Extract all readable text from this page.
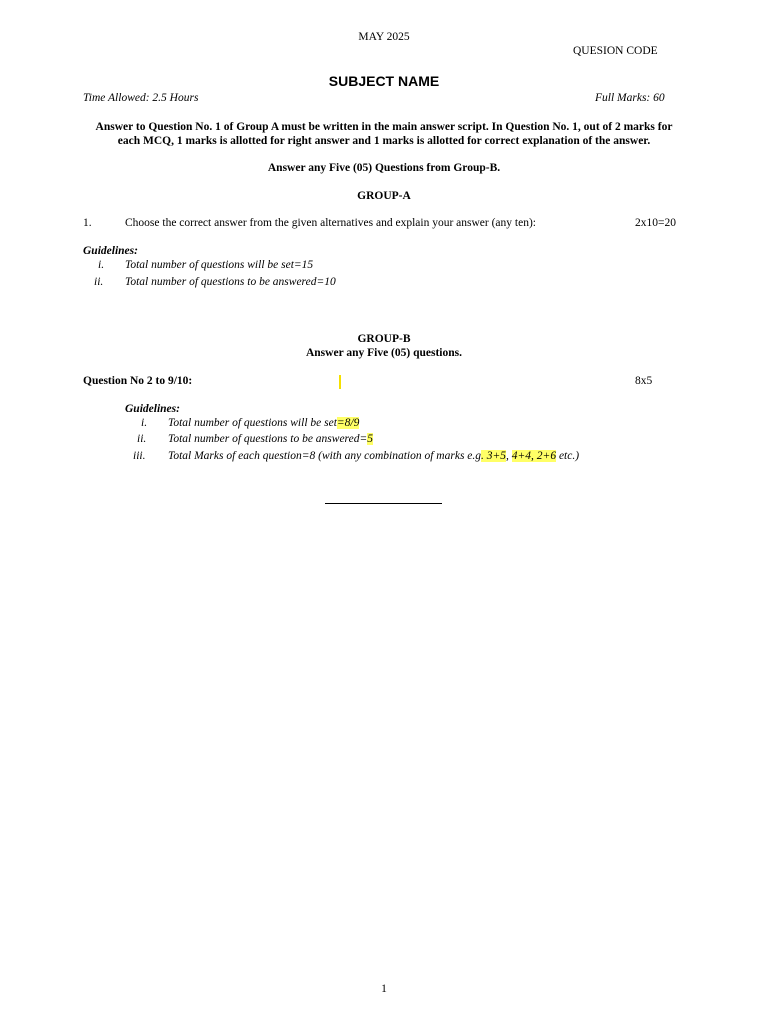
MAY 2025
QUESION CODE
SUBJECT NAME
Time Allowed: 2.5 Hours	Full Marks: 60
Answer to Question No. 1 of Group A must be written in the main answer script. In Question No. 1, out of 2 marks for each MCQ, 1 marks is allotted for right answer and 1 marks is allotted for correct explanation of the answer.
Answer any Five (05) Questions from Group-B.
GROUP-A
1.	Choose the correct answer from the given alternatives and explain your answer (any ten):	2x10=20
Guidelines:
i. Total number of questions will be set=15
ii. Total number of questions to be answered=10
GROUP-B
Answer any Five (05) questions.
Question No 2 to 9/10:	8x5
Guidelines:
i. Total number of questions will be set=8/9
ii. Total number of questions to be answered=5
iii. Total Marks of each question=8 (with any combination of marks e.g. 3+5, 4+4, 2+6 etc.)
1
